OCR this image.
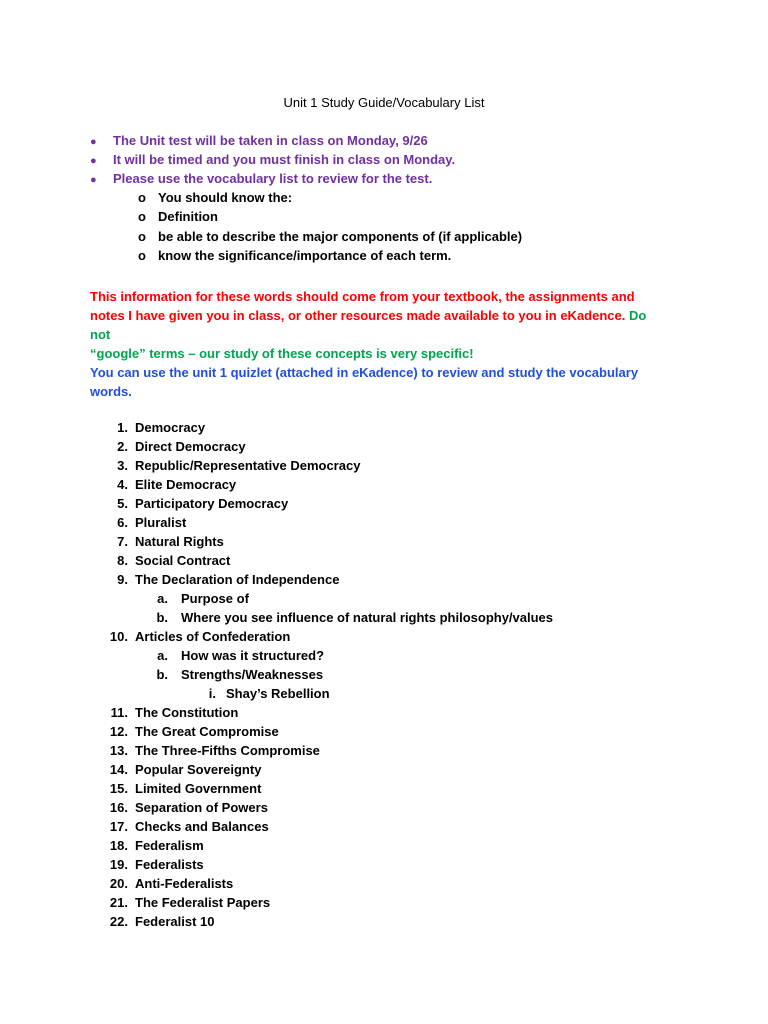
Unit 1 Study Guide/Vocabulary List
● The Unit test will be taken in class on Monday, 9/26
● It will be timed and you must finish in class on Monday.
● Please use the vocabulary list to review for the test.
o You should know the:
o Definition
o be able to describe the major components of (if applicable)
o know the significance/importance of each term.
This information for these words should come from your textbook, the assignments and
notes I have given you in class, or other resources made available to you in eKadence. Do not
“google” terms – our study of these concepts is very specific!
You can use the unit 1 quizlet (attached in eKadence) to review and study the vocabulary
words.
1. Democracy
2. Direct Democracy
3. Republic/Representative Democracy
4. Elite Democracy
5. Participatory Democracy
6. Pluralist
7. Natural Rights
8. Social Contract
9. The Declaration of Independence
a. Purpose of
b. Where you see influence of natural rights philosophy/values
10. Articles of Confederation
a. How was it structured?
b. Strengths/Weaknesses
i. Shay’s Rebellion
11. The Constitution
12. The Great Compromise
13. The Three-Fifths Compromise
14. Popular Sovereignty
15. Limited Government
16. Separation of Powers
17. Checks and Balances
18. Federalism
19. Federalists
20. Anti-Federalists
21. The Federalist Papers
22. Federalist 10
